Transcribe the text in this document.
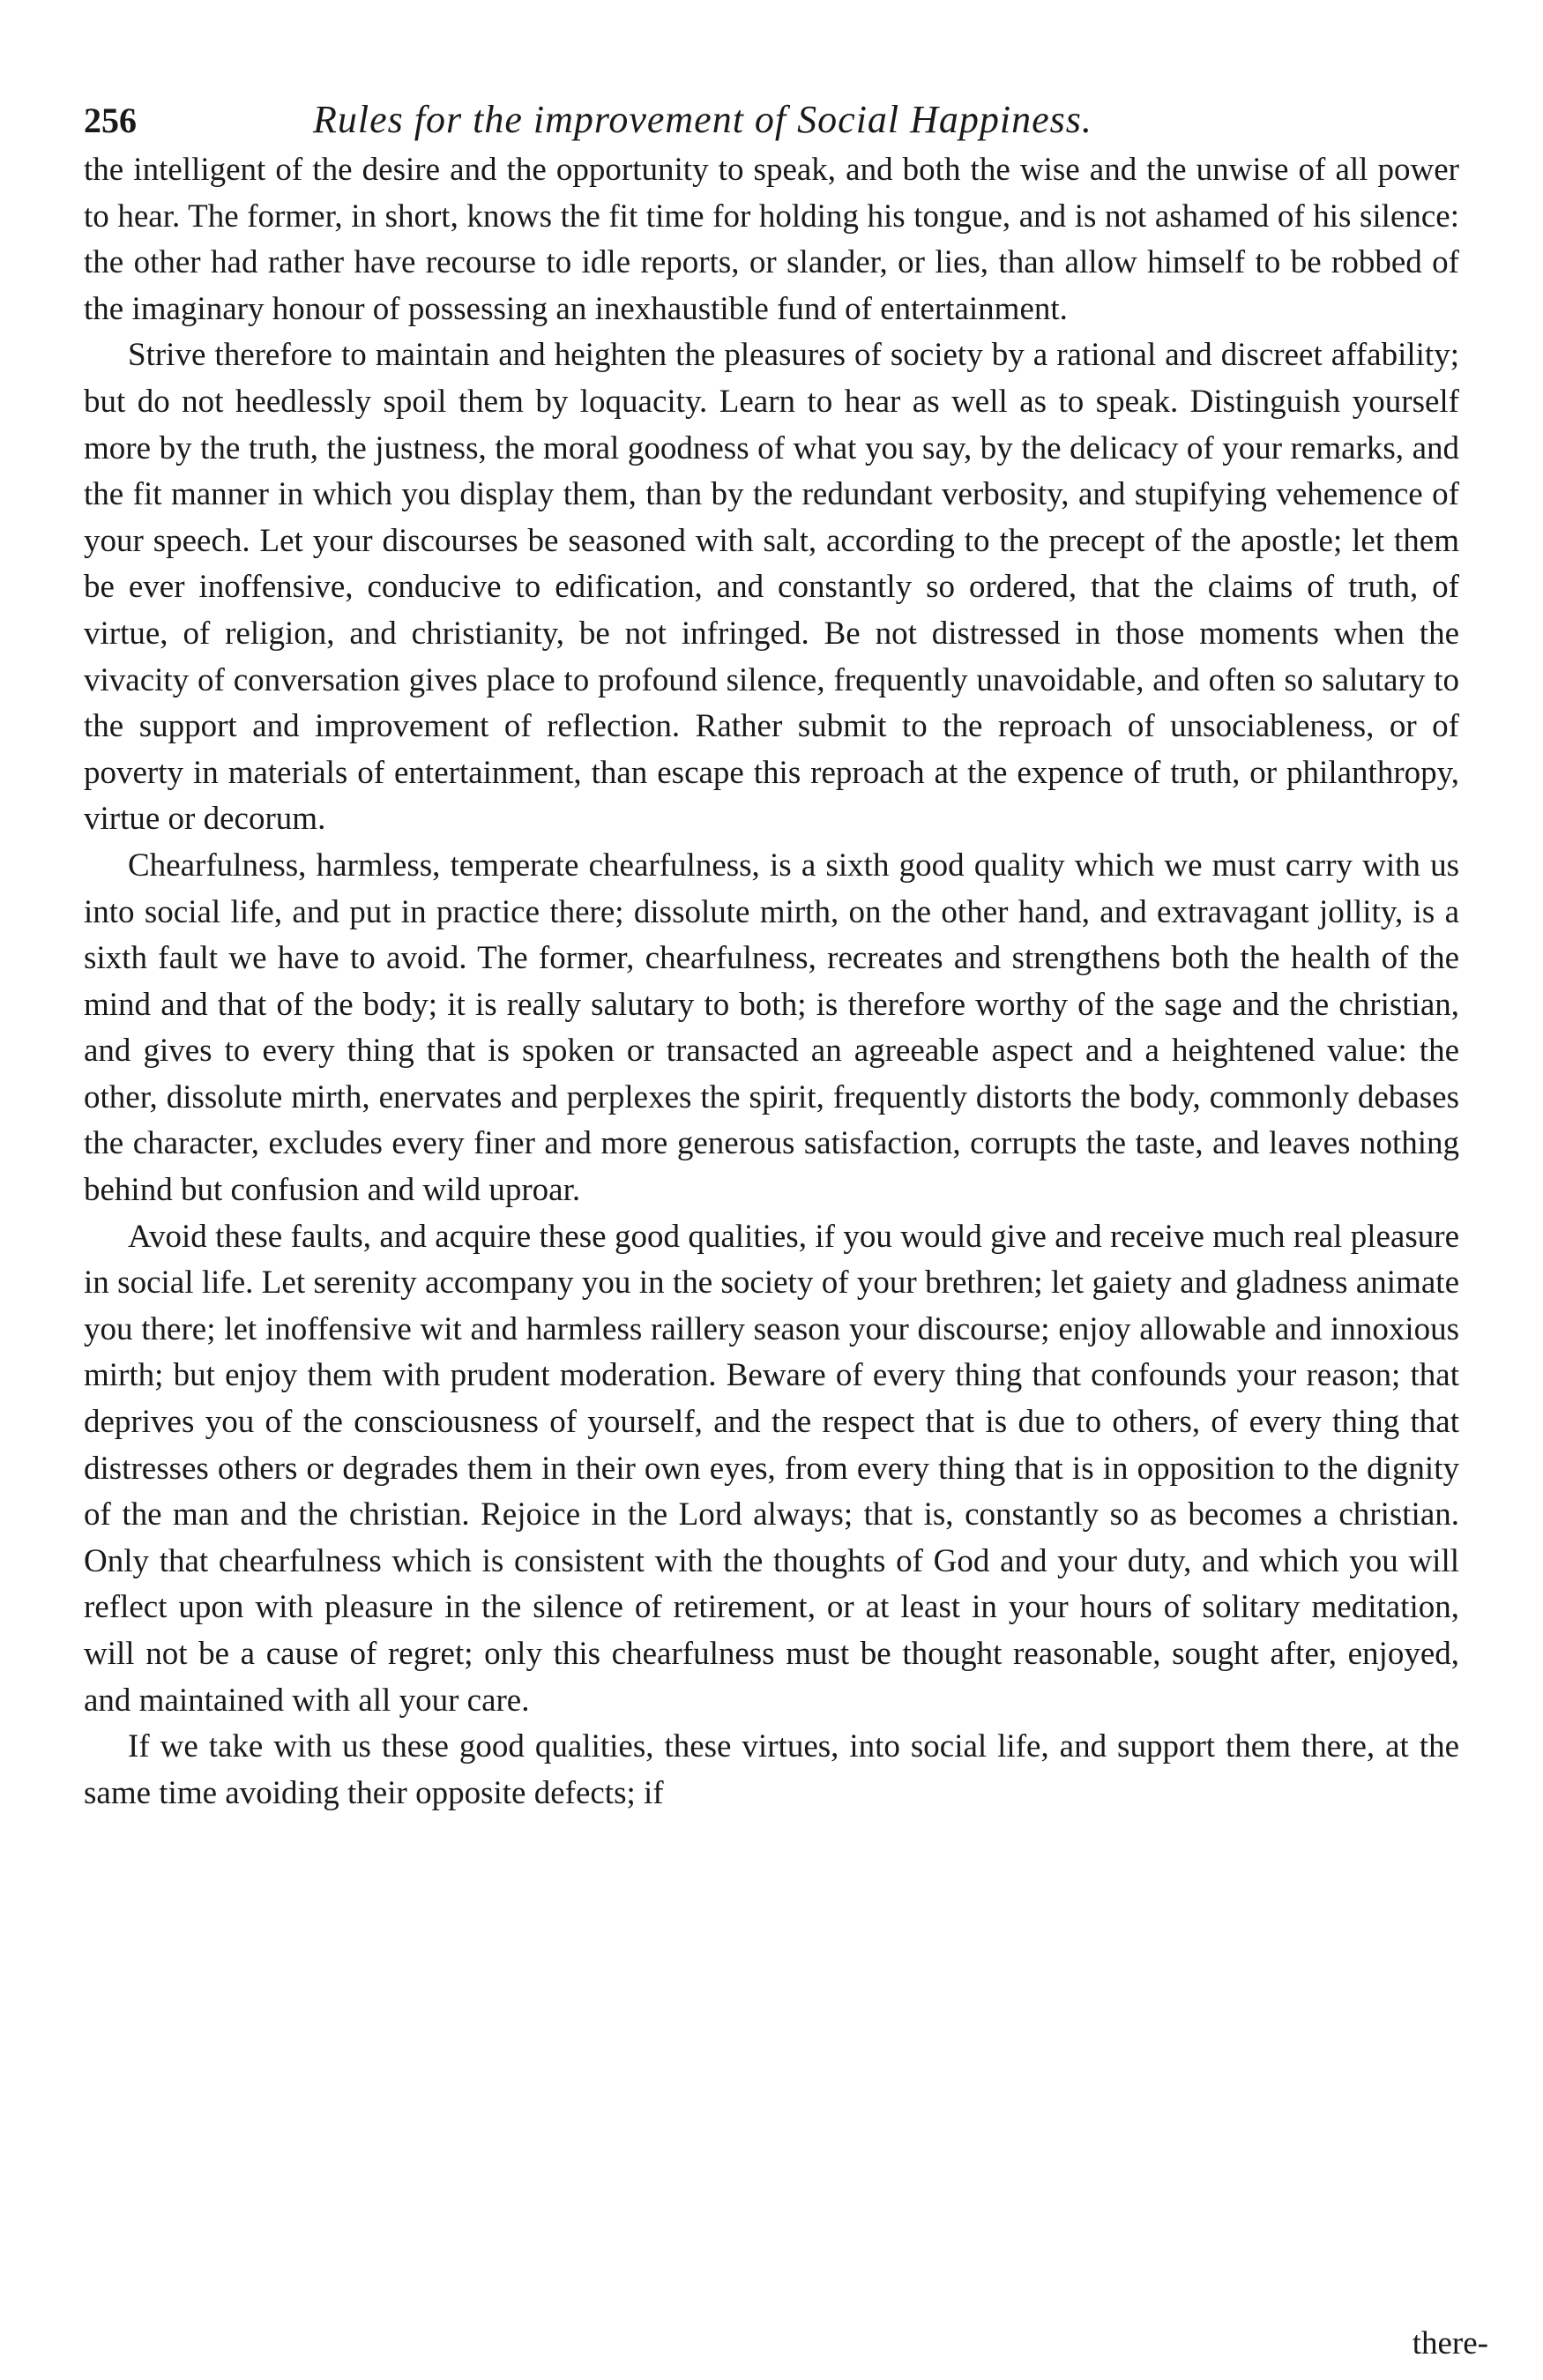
256	Rules for the improvement of Social Happiness.

the intelligent of the desire and the opportunity to speak, and both the wise and the unwise of all power to hear. The former, in short, knows the fit time for holding his tongue, and is not ashamed of his silence: the other had rather have recourse to idle reports, or slander, or lies, than allow himself to be robbed of the imaginary honour of possessing an inexhaustible fund of entertainment.

Strive therefore to maintain and heighten the pleasures of society by a rational and discreet affability; but do not heedlessly spoil them by loquacity. Learn to hear as well as to speak. Distinguish yourself more by the truth, the justness, the moral goodness of what you say, by the delicacy of your remarks, and the fit manner in which you display them, than by the redundant verbosity, and stupifying vehemence of your speech. Let your discourses be seasoned with salt, according to the precept of the apostle; let them be ever inoffensive, conducive to edification, and constantly so ordered, that the claims of truth, of virtue, of religion, and christianity, be not infringed. Be not distressed in those moments when the vivacity of conversation gives place to profound silence, frequently unavoidable, and often so salutary to the support and improvement of reflection. Rather submit to the reproach of unsociableness, or of poverty in materials of entertainment, than escape this reproach at the expence of truth, or philanthropy, virtue or decorum.

Chearfulness, harmless, temperate chearfulness, is a sixth good quality which we must carry with us into social life, and put in practice there; dissolute mirth, on the other hand, and extravagant jollity, is a sixth fault we have to avoid. The former, chearfulness, recreates and strengthens both the health of the mind and that of the body; it is really salutary to both; is therefore worthy of the sage and the christian, and gives to every thing that is spoken or transacted an agreeable aspect and a heightened value: the other, dissolute mirth, enervates and perplexes the spirit, frequently distorts the body, commonly debases the character, excludes every finer and more generous satisfaction, corrupts the taste, and leaves nothing behind but confusion and wild uproar.

Avoid these faults, and acquire these good qualities, if you would give and receive much real pleasure in social life. Let serenity accompany you in the society of your brethren; let gaiety and gladness animate you there; let inoffensive wit and harmless raillery season your discourse; enjoy allowable and innoxious mirth; but enjoy them with prudent moderation. Beware of every thing that confounds your reason; that deprives you of the consciousness of yourself, and the respect that is due to others, of every thing that distresses others or degrades them in their own eyes, from every thing that is in opposition to the dignity of the man and the christian. Rejoice in the Lord always; that is, constantly so as becomes a christian. Only that chearfulness which is consistent with the thoughts of God and your duty, and which you will reflect upon with pleasure in the silence of retirement, or at least in your hours of solitary meditation, will not be a cause of regret; only this chearfulness must be thought reasonable, sought after, enjoyed, and maintained with all your care.

If we take with us these good qualities, these virtues, into social life, and support them there, at the same time avoiding their opposite defects; if

there-
